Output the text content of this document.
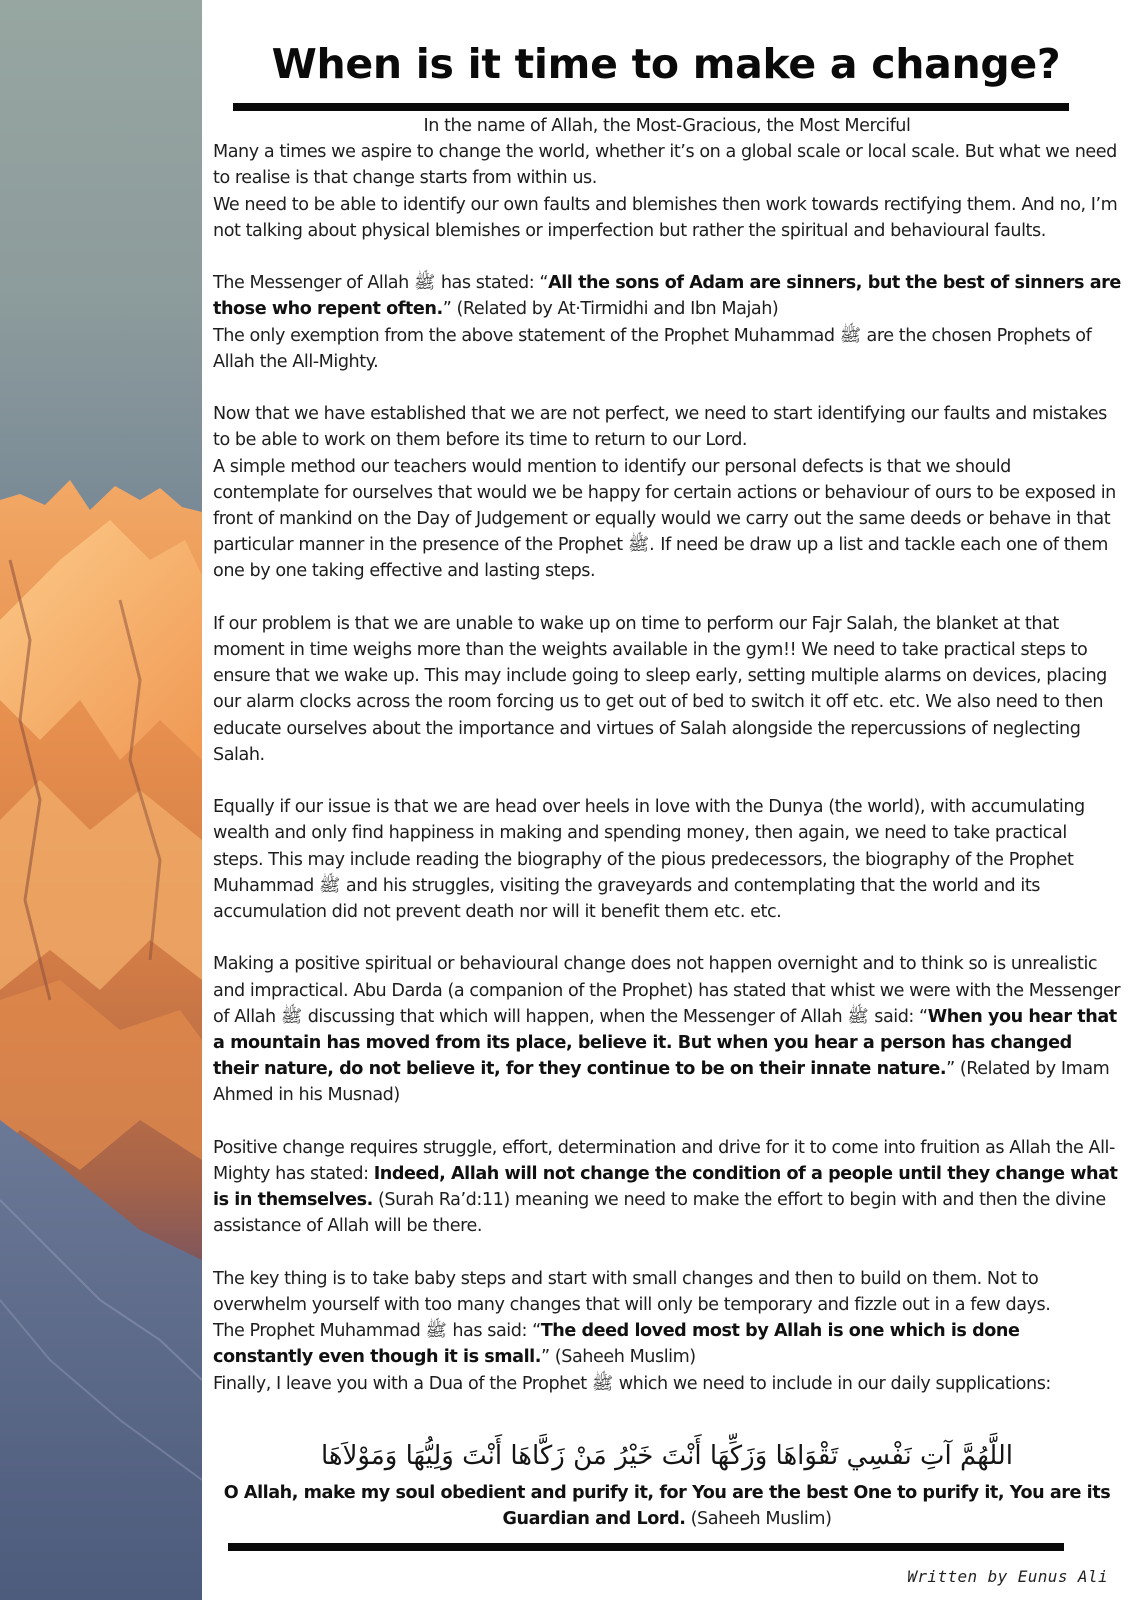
When is it time to make a change?

In the name of Allah, the Most-Gracious, the Most Merciful

Many a times we aspire to change the world, whether it’s on a global scale or local scale. But what we need to realise is that change starts from within us.

We need to be able to identify our own faults and blemishes then work towards rectifying them. And no, I’m not talking about physical blemishes or imperfection but rather the spiritual and behavioural faults.

The Messenger of Allah ﷺ has stated: “All the sons of Adam are sinners, but the best of sinners are those who repent often.” (Related by At·Tirmidhi and Ibn Majah)

The only exemption from the above statement of the Prophet Muhammad ﷺ are the chosen Prophets of Allah the All-Mighty.

Now that we have established that we are not perfect, we need to start identifying our faults and mistakes to be able to work on them before its time to return to our Lord.

A simple method our teachers would mention to identify our personal defects is that we should contemplate for ourselves that would we be happy for certain actions or behaviour of ours to be exposed in front of mankind on the Day of Judgement or equally would we carry out the same deeds or behave in that particular manner in the presence of the Prophet ﷺ. If need be draw up a list and tackle each one of them one by one taking effective and lasting steps.

If our problem is that we are unable to wake up on time to perform our Fajr Salah, the blanket at that moment in time weighs more than the weights available in the gym!! We need to take practical steps to ensure that we wake up. This may include going to sleep early, setting multiple alarms on devices, placing our alarm clocks across the room forcing us to get out of bed to switch it off etc. etc. We also need to then educate ourselves about the importance and virtues of Salah alongside the repercussions of neglecting Salah.

Equally if our issue is that we are head over heels in love with the Dunya (the world), with accumulating wealth and only find happiness in making and spending money, then again, we need to take practical steps. This may include reading the biography of the pious predecessors, the biography of the Prophet Muhammad ﷺ and his struggles, visiting the graveyards and contemplating that the world and its accumulation did not prevent death nor will it benefit them etc. etc.

Making a positive spiritual or behavioural change does not happen overnight and to think so is unrealistic and impractical. Abu Darda (a companion of the Prophet) has stated that whist we were with the Messenger of Allah ﷺ discussing that which will happen, when the Messenger of Allah ﷺ said: “When you hear that a mountain has moved from its place, believe it. But when you hear a person has changed their nature, do not believe it, for they continue to be on their innate nature.” (Related by Imam Ahmed in his Musnad)

Positive change requires struggle, effort, determination and drive for it to come into fruition as Allah the All-Mighty has stated: Indeed, Allah will not change the condition of a people until they change what is in themselves. (Surah Ra’d:11) meaning we need to make the effort to begin with and then the divine assistance of Allah will be there.

The key thing is to take baby steps and start with small changes and then to build on them. Not to overwhelm yourself with too many changes that will only be temporary and fizzle out in a few days.

The Prophet Muhammad ﷺ has said: “The deed loved most by Allah is one which is done constantly even though it is small.” (Saheeh Muslim)

Finally, I leave you with a Dua of the Prophet ﷺ which we need to include in our daily supplications:

اللَّهُمَّ آتِ نَفْسِي تَقْوَاهَا وَزَكِّهَا أَنْتَ خَيْرُ مَنْ زَكَّاهَا أَنْتَ وَلِيُّهَا وَمَوْلاَهَا

O Allah, make my soul obedient and purify it, for You are the best One to purify it, You are its Guardian and Lord. (Saheeh Muslim)

Written by Eunus Ali
